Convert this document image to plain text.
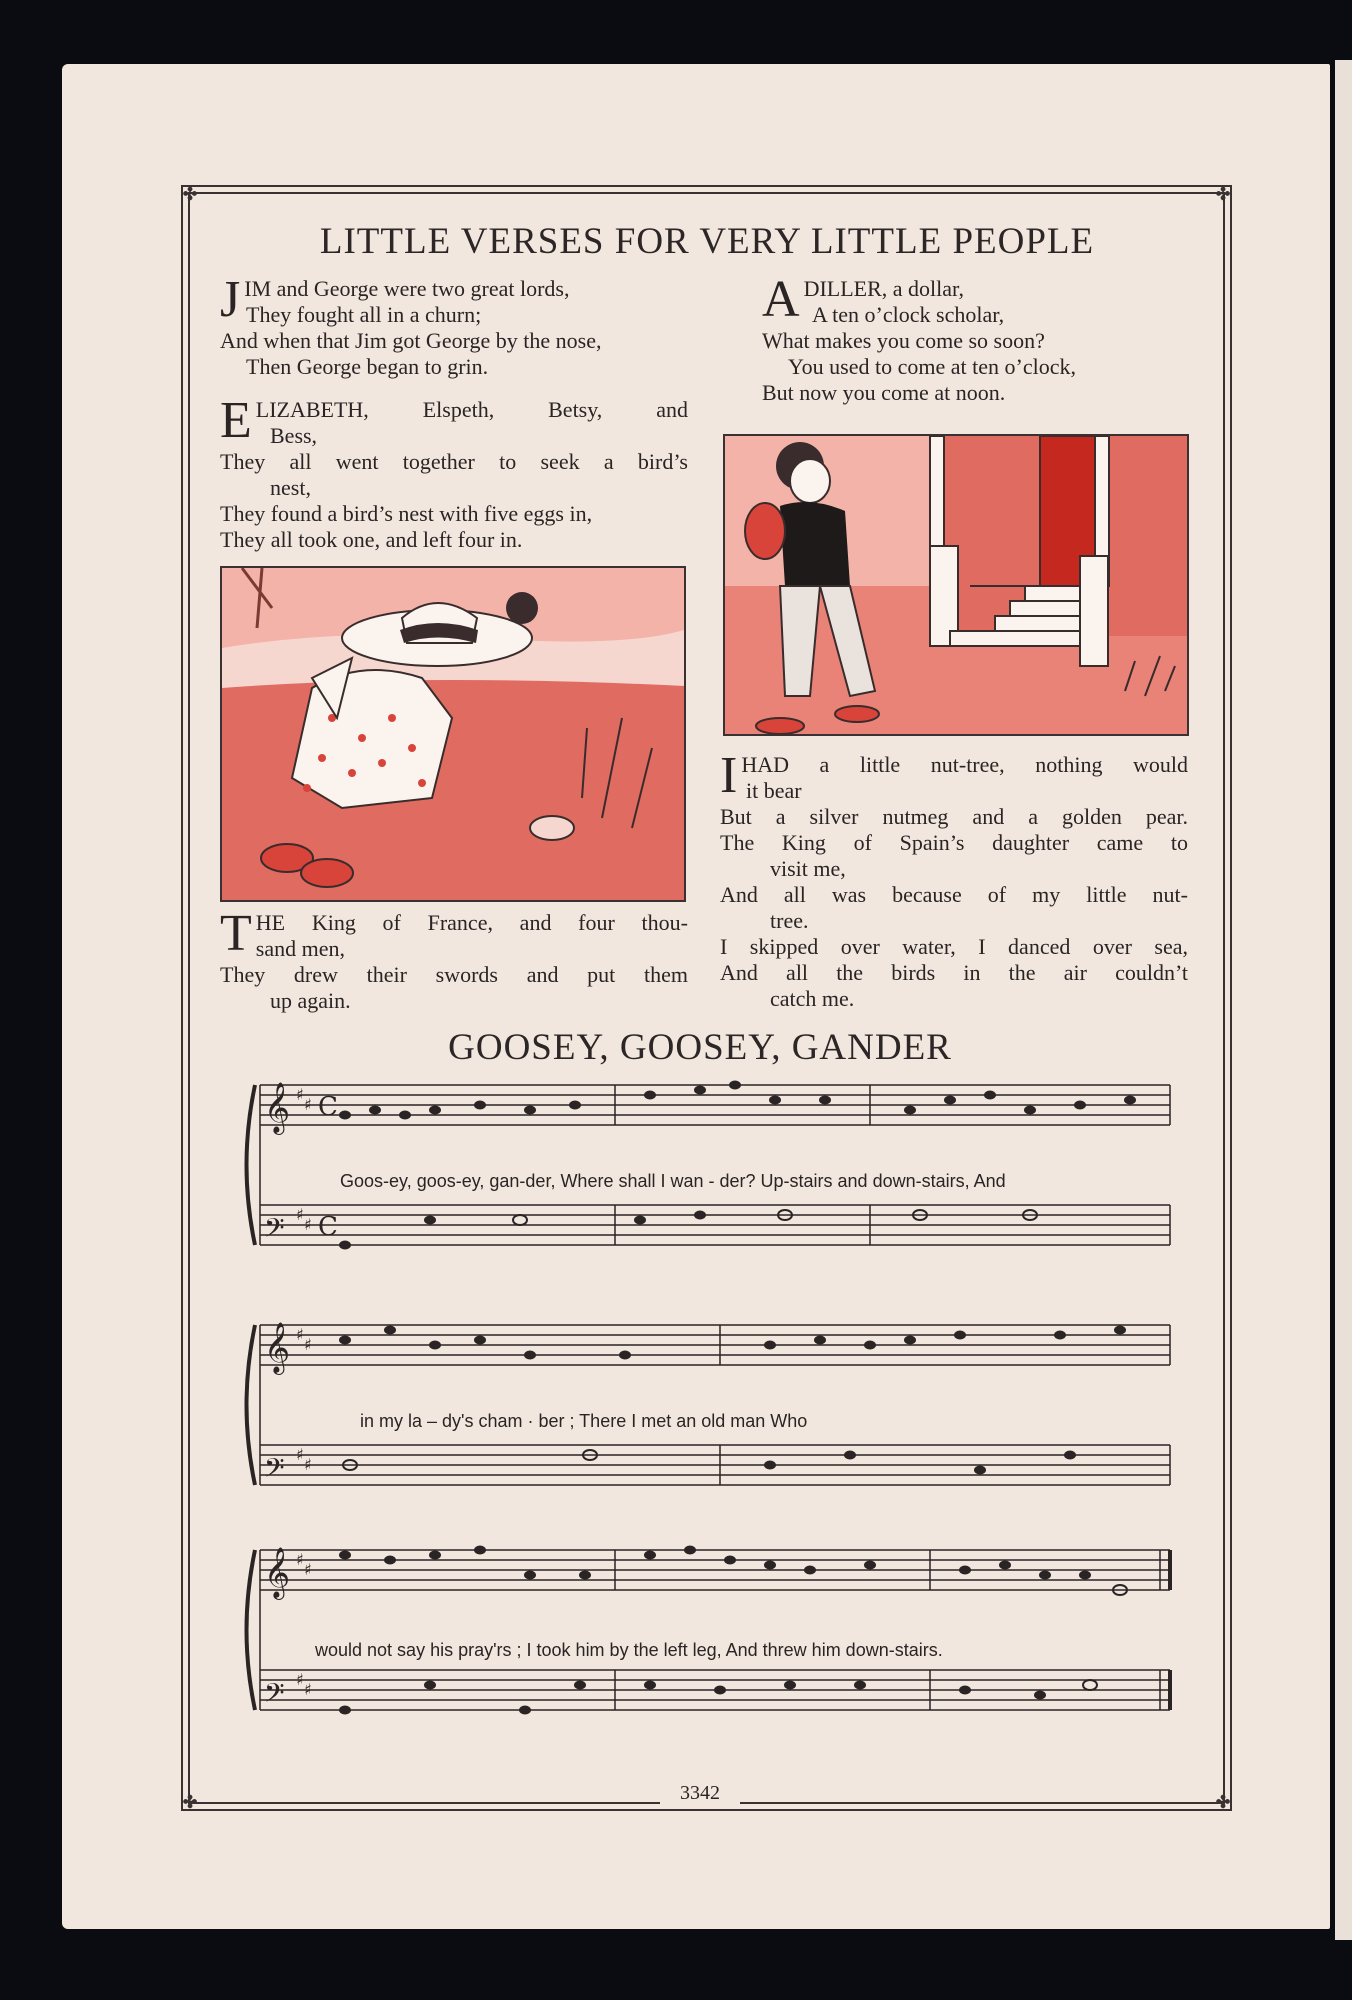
✤	✤
✤	✤
LITTLE VERSES FOR VERY LITTLE PEOPLE
J IM and George were two great lords,

They fought all in a churn;

And when that Jim got George by the nose,

Then George began to grin.

E LIZABETH, Elspeth, Betsy, and

Bess,

They all went together to seek a bird’s

nest,

They found a bird’s nest with five eggs in,

They all took one, and left four in.

T HE King of France, and four thou-

sand men,

They drew their swords and put them

up again.

A DILLER, a dollar,

A ten o’clock scholar,

What makes you come so soon?

You used to come at ten o’clock,

But now you come at noon.

I HAD a little nut-tree, nothing would

it bear

But a silver nutmeg and a golden pear.

The King of Spain’s daughter came to

visit me,

And all was because of my little nut-

tree.

I skipped over water, I danced over sea,

And all the birds in the air couldn’t

catch me.

GOOSEY, GOOSEY, GANDER
𝄞
𝄢
𝄞
𝄢
𝄞
𝄢
♯
♯
♯
♯
♯
♯
♯
♯
♯
♯
♯
♯
C
C
Goos-ey, goos-ey, gan-der, Where shall I wan - der? Up-stairs and down-stairs, And
in my la – dy's cham · ber ; There I met an old man Who
would not say his pray'rs ; I took him by the left leg, And threw him down-stairs.
3342
